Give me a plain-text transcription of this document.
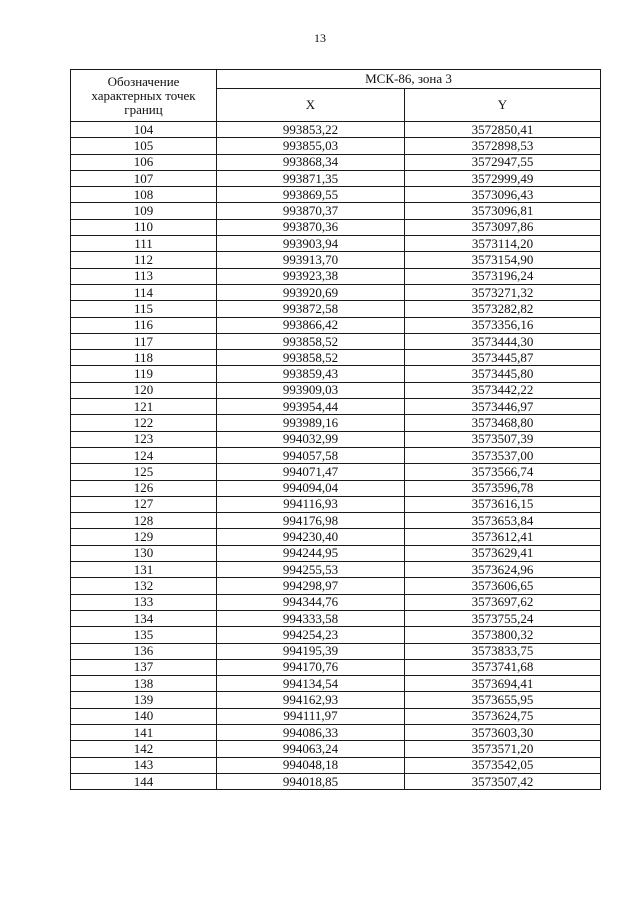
13
Обозначение характерных точек границ	МСК-86, зона 3	
	X	Y
104	993853,22	3572850,41
105	993855,03	3572898,53
106	993868,34	3572947,55
107	993871,35	3572999,49
108	993869,55	3573096,43
109	993870,37	3573096,81
110	993870,36	3573097,86
111	993903,94	3573114,20
112	993913,70	3573154,90
113	993923,38	3573196,24
114	993920,69	3573271,32
115	993872,58	3573282,82
116	993866,42	3573356,16
117	993858,52	3573444,30
118	993858,52	3573445,87
119	993859,43	3573445,80
120	993909,03	3573442,22
121	993954,44	3573446,97
122	993989,16	3573468,80
123	994032,99	3573507,39
124	994057,58	3573537,00
125	994071,47	3573566,74
126	994094,04	3573596,78
127	994116,93	3573616,15
128	994176,98	3573653,84
129	994230,40	3573612,41
130	994244,95	3573629,41
131	994255,53	3573624,96
132	994298,97	3573606,65
133	994344,76	3573697,62
134	994333,58	3573755,24
135	994254,23	3573800,32
136	994195,39	3573833,75
137	994170,76	3573741,68
138	994134,54	3573694,41
139	994162,93	3573655,95
140	994111,97	3573624,75
141	994086,33	3573603,30
142	994063,24	3573571,20
143	994048,18	3573542,05
144	994018,85	3573507,42
